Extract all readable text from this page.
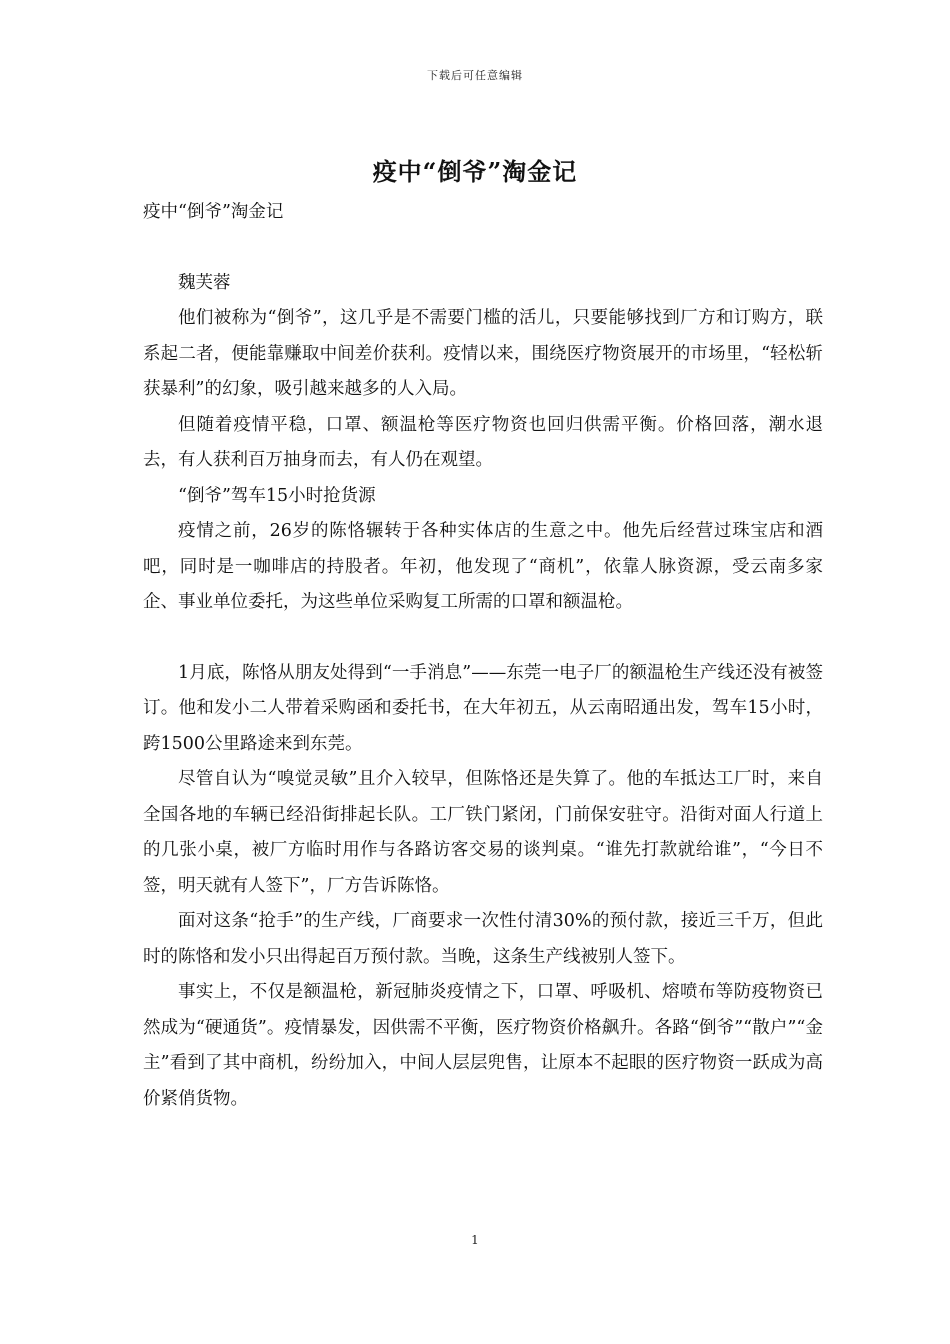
下载后可任意编辑
疫中“倒爷”淘金记

疫中“倒爷”淘金记

魏芙蓉

他们被称为“倒爷”，这几乎是不需要门槛的活儿，只要能够找到厂方和订购方，联系起二者，便能靠赚取中间差价获利。疫情以来，围绕医疗物资展开的市场里，“轻松斩获暴利”的幻象，吸引越来越多的人入局。

但随着疫情平稳，口罩、额温枪等医疗物资也回归供需平衡。价格回落，潮水退去，有人获利百万抽身而去，有人仍在观望。

“倒爷”驾车15小时抢货源

疫情之前，26岁的陈恪辗转于各种实体店的生意之中。他先后经营过珠宝店和酒吧，同时是一咖啡店的持股者。年初，他发现了“商机”，依靠人脉资源，受云南多家企、事业单位委托，为这些单位采购复工所需的口罩和额温枪。

1月底，陈恪从朋友处得到“一手消息”——东莞一电子厂的额温枪生产线还没有被签订。他和发小二人带着采购函和委托书，在大年初五，从云南昭通出发，驾车15小时，跨1500公里路途来到东莞。

尽管自认为“嗅觉灵敏”且介入较早，但陈恪还是失算了。他的车抵达工厂时，来自全国各地的车辆已经沿街排起长队。工厂铁门紧闭，门前保安驻守。沿街对面人行道上的几张小桌，被厂方临时用作与各路访客交易的谈判桌。“谁先打款就给谁”，“今日不签，明天就有人签下”，厂方告诉陈恪。

面对这条“抢手”的生产线，厂商要求一次性付清30%的预付款，接近三千万，但此时的陈恪和发小只出得起百万预付款。当晚，这条生产线被别人签下。

事实上，不仅是额温枪，新冠肺炎疫情之下，口罩、呼吸机、熔喷布等防疫物资已然成为“硬通货”。疫情暴发，因供需不平衡，医疗物资价格飙升。各路“倒爷”“散户”“金主”看到了其中商机，纷纷加入，中间人层层兜售，让原本不起眼的医疗物资一跃成为高价紧俏货物。

1
